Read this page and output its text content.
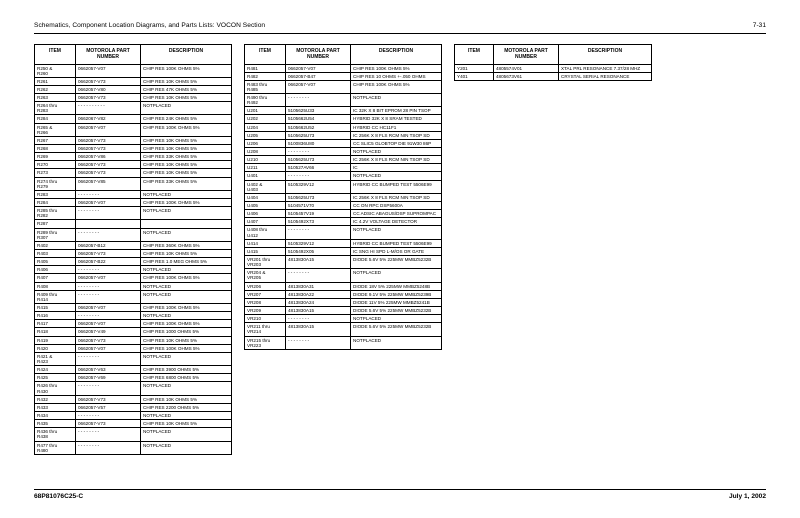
Schematics, Component Location Diagrams, and Parts Lists: VOCON Section	7-31
ITEM	MOTOROLA PART NUMBER	DESCRIPTION
R250 &
R260	0662057-V07	CHIP RES 100K OHMS 5%
R261	0662057-V73	CHIP RES 10K OHMS 5%
R262	0662057-V80	CHIP RES 47K OHMS 5%
R263	0662057-V73	CHIP RES 10K OHMS 5%
R264 thru
R283	- - - - - - - - - -	NOTPLACED
R284	0662067-V82	CHIP RES 24K OHMS 5%
R265 &
R266	0662057-V07	CHIP RES 100K OHMS 5%
R267	0662057-V73	CHIP RES 10K OHMS 5%
R268	0662057-V73	CHIP RES 10K OHMS 5%
R269	0662057-V86	CHIP RES 33K OHMS 5%
R270	0662057-V73	CHIP RES 10K OHMS 5%
R273	0662057-V73	CHIP RES 10K OHMS 5%
R274 thru
R279	0662057-V85	CHIP RES 33K OHMS 5%
R283	- - - - - - - -	NOTPLACED
R284	0662057-V07	CHIP RES 100K OHMS 5%
R285 thru
R282	- - - - - - - -	NOTPLACED
R287		
R289 thru
R307	- - - - - - - -	NOTPLACED
R402	0662057-B12	CHIP RES 360K OHMS 5%
R403	0662057-V73	CHIP RES 10K OHMS 5%
R405	0662057-B22	CHIP RES 1.0 MEG OHMS 5%
R406	- - - - - - - -	NOTPLACED
R407	0662057-V07	CHIP RES 100K OHMS 5%
R408	- - - - - - - -	NOTPLACED
R409 thru
R414	- - - - - - - -	NOTPLACED
R415	0662057-V07	CHIP RES 100K OHMS 5%
R416	- - - - - - - -	NOTPLACED
R417	0662057-V07	CHIP RES 100K OHMS 5%
R418	0662057-V49	CHIP RES 1000 OHMS 5%
R419	0662057-V73	CHIP RES 10K OHMS 5%
R420	0662057-V07	CHIP RES 100K OHMS 5%
R421 &
R423	- - - - - - - -	NOTPLACED
R424	0662057-V63	CHIP RES 3900 OHMS 5%
R425	0662057-V69	CHIP RES 6800 OHMS 5%
R426 thru
R430	- - - - - - - -	NOTPLACED
R432	0662057-V73	CHIP RES 10K OHMS 5%
R433	0662057-V57	CHIP RES 2200 OHMS 5%
R434	- - - - - - - -	NOTPLACED
R435	0662057-V73	CHIP RES 10K OHMS 5%
R436 thru
R438	- - - - - - - -	NOTPLACED
R477 thru
R480	- - - - - - - -	NOTPLACED
ITEM	MOTOROLA PART NUMBER	DESCRIPTION
R481	0662057-V07	CHIP RES 100K OHMS 5%
R482	0662057-B47	CHIP RES 10 OHMS +-.050 OHMS
R483 thru
R485	0662057-V07	CHIP RES 100K OHMS 5%
R490 thru
R492	- - - - - - - -	NOTPLACED
U201	5105625U33	IC 32K X 8 BIT EPROM 28 PIN TSOP
U202	5105662U54	HYBRID 32K X 8 SRAM TESTED
U204	5105662U52	HYBRID CC HC11F1
U205	5105625U73	IC 256K X 8 FLS RCM NIN TSOP SD
U206	5100836U80	CC SLIC5 GLOBTOP DIE 91W30 86P
U208	- - - - - - - -	NOTPLACED
U210	5105625U73	IC 256K X 8 FLS RCM NIN TSOP SD
U211	510527AV66	IC
U401	- - - - - - - -	NOTPLACED
U402 &
U403	5105329V12	HYBRID CC BUMPED TEST 5506E99
U404	5105625U73	IC 256K X 8 FLS RCM NIN TSOP SD
U405	5104571V70	CC ON RPC DSP5600A
U406	5105457V19	CC ADSIC ABAGUS/DSP SUPROMPAC
U407	5105492X73	IC 4.2V VOLTAGE DETECTOR
U408 thru
U412	- - - - - - - -	NOTPLACED
U414	5105329V12	HYBRID CC BUMPED TEST 5506E99
U415	5105492X05	IC SNG HI SPD L-M/OS OR GATE
VR201 thru
VR203	4813830A15	DIODE 5.6V 5% 225MW MMBZ5232B
VR204 &
VR205	- - - - - - - -	NOTPLACED
VR206	4813830A31	DIODE 18V 5% 225MW MMBZ5248B
VR207	4813830A22	DIODE 9.1V 5% 225MW MMBZ5239B
VR208	4813830A24	DIODE 11V 5% 225MW MMBZ5241B
VR209	4813830A15	DIODE 5.6V 5% 225MW MMBZ5232B
VR210	- - - - - - - -	NOTPLACED
VR211 thru
VR214	4813830A15	DIODE 5.6V 5% 225MW MMBZ5232B
VR215 thru
VR223	- - - - - - - -	NOTPLACED
ITEM	MOTOROLA PART NUMBER	DESCRIPTION
Y201	4805574V01	XTAL PRL RESONANCE 7.37/28 MHZ
Y401	4805673V61	CRYSTAL SERIAL RESONANCE
68P81076C25-C	July 1, 2002
